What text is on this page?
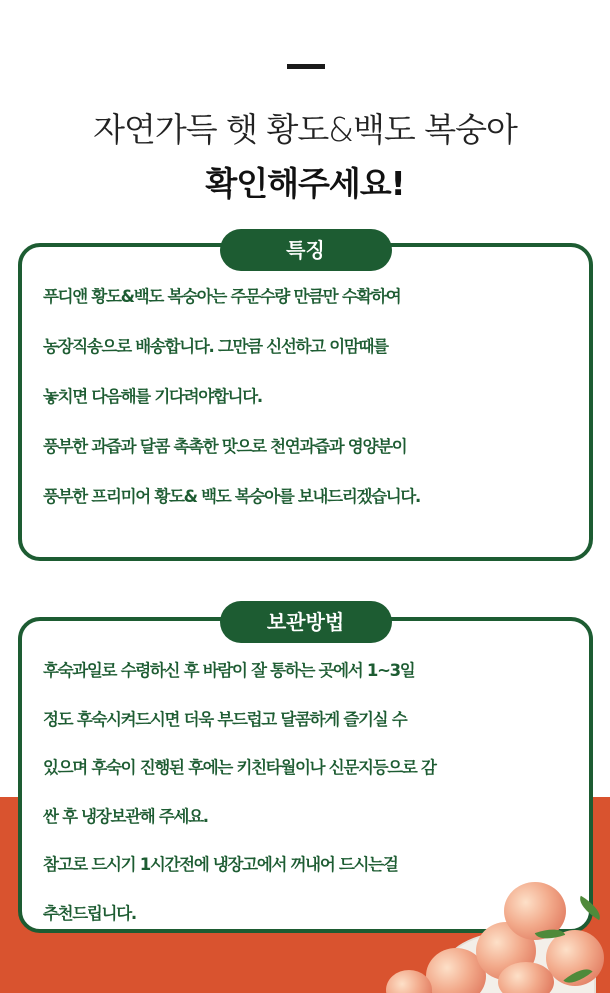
자연가득 햇 황도&백도 복숭아
확인해주세요!
특징
푸디앤 황도&백도 복숭아는 주문수량 만큼만 수확하여
농장직송으로 배송합니다. 그만큼 신선하고 이맘때를
놓치면 다음해를 기다려야합니다.
풍부한 과즙과 달콤 촉촉한 맛으로 천연과즙과 영양분이
풍부한 프리미어 황도& 백도 복숭아를 보내드리겠습니다.
보관방법
후숙과일로 수령하신 후 바람이 잘 통하는 곳에서 1~3일
정도 후숙시켜드시면 더욱 부드럽고 달콤하게 즐기실 수
있으며 후숙이 진행된 후에는 키친타월이나 신문지등으로 감
싼 후 냉장보관해 주세요.
참고로 드시기 1시간전에 냉장고에서 꺼내어 드시는걸
추천드립니다.
